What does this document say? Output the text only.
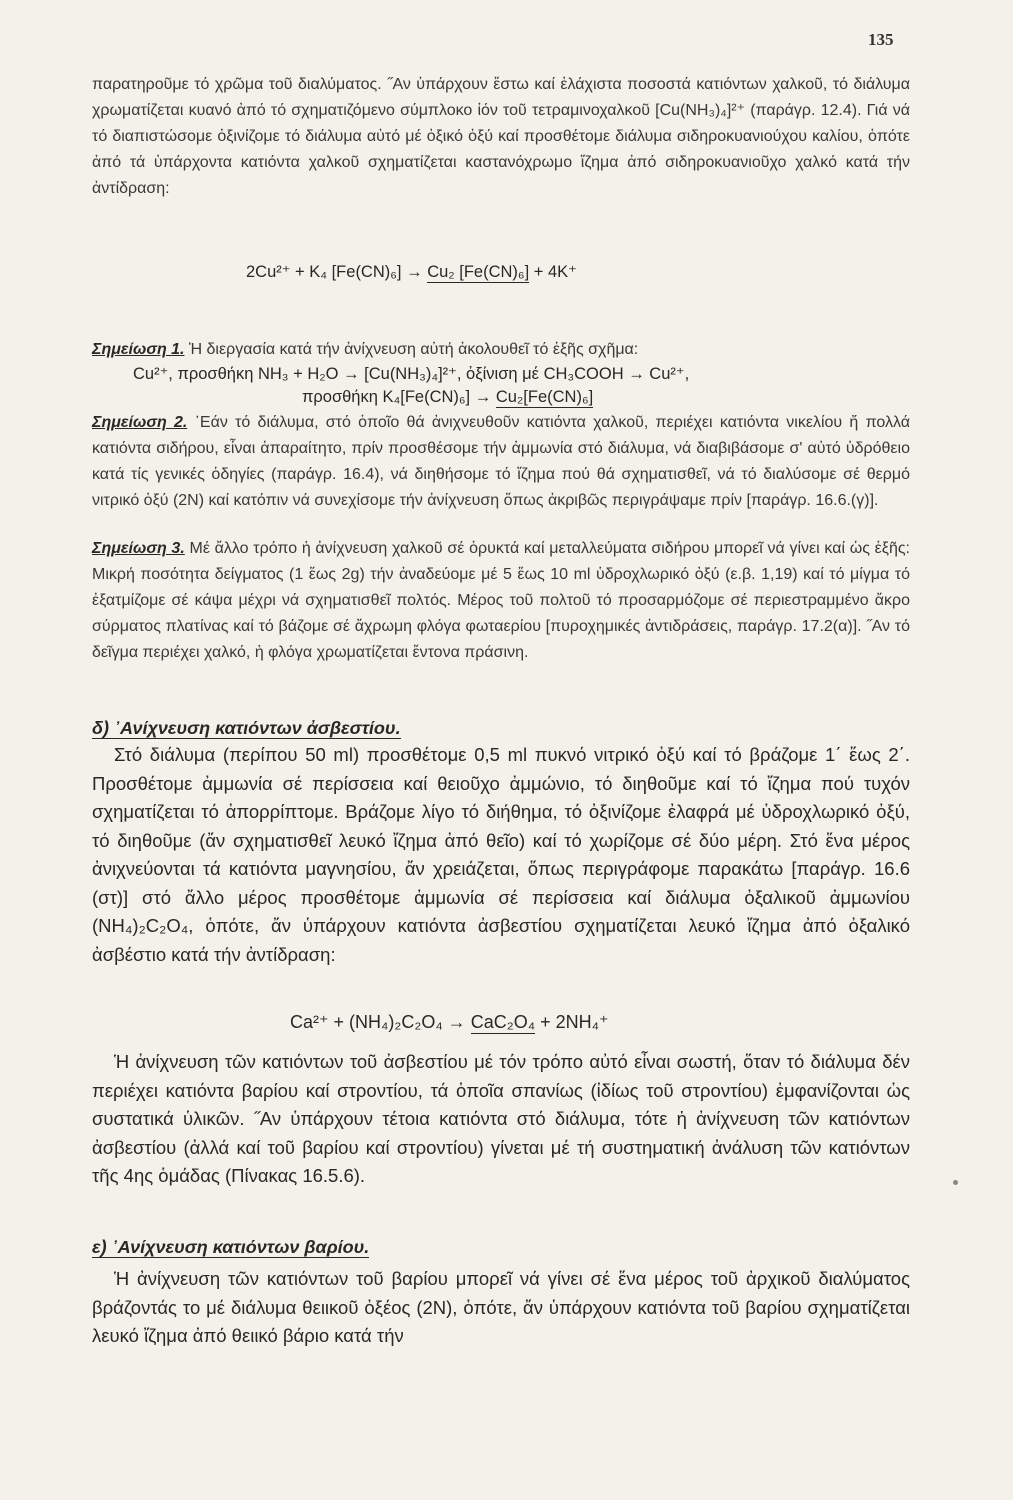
135
παρατηροῦμε τό χρῶμα τοῦ διαλύματος. ˝Αν ὑπάρχουν ἔστω καί ἐλάχιστα ποσοστά κατιόντων χαλκοῦ, τό διάλυμα χρωματίζεται κυανό ἀπό τό σχηματιζόμενο σύμπλοκο ἰόν τοῦ τετραμινοχαλκοῦ [Cu(NH₃)₄]²⁺ (παράγρ. 12.4). Γιά νά τό διαπιστώσομε ὀξινίζομε τό διάλυμα αὐτό μέ ὀξικό ὀξύ καί προσθέτομε διάλυμα σιδηροκυανιούχου καλίου, ὁπότε ἀπό τά ὑπάρχοντα κατιόντα χαλκοῦ σχηματίζεται καστανόχρωμο ἴζημα ἀπό σιδηροκυανιοῦχο χαλκό κατά τήν ἀντίδραση:
2Cu²⁺ + K₄ [Fe(CN)₆] → Cu₂ [Fe(CN)₆] + 4K⁺
Σημείωση 1. Ἡ διεργασία κατά τήν ἀνίχνευση αὐτή ἀκολουθεῖ τό ἑξῆς σχῆμα:
Cu²⁺, προσθήκη NH₃ + H₂O → [Cu(NH₃)₄]²⁺, ὀξίνιση μέ CH₃COOH → Cu²⁺,
προσθήκη K₄[Fe(CN)₆] → Cu₂[Fe(CN)₆]
Σημείωση 2. ᾿Εάν τό διάλυμα, στό ὁποῖο θά ἀνιχνευθοῦν κατιόντα χαλκοῦ, περιέχει κατιόντα νικελίου ἤ πολλά κατιόντα σιδήρου, εἶναι ἀπαραίτητο, πρίν προσθέσομε τήν ἀμμωνία στό διάλυμα, νά διαβιβάσομε σ' αὐτό ὑδρόθειο κατά τίς γενικές ὁδηγίες (παράγρ. 16.4), νά διηθήσομε τό ἴζημα πού θά σχηματισθεῖ, νά τό διαλύσομε σέ θερμό νιτρικό ὀξύ (2N) καί κατόπιν νά συνεχίσομε τήν ἀνίχνευση ὅπως ἀκριβῶς περιγράψαμε πρίν [παράγρ. 16.6.(γ)].
Σημείωση 3. Μέ ἄλλο τρόπο ἡ ἀνίχνευση χαλκοῦ σέ ὀρυκτά καί μεταλλεύματα σιδήρου μπορεῖ νά γίνει καί ὡς ἑξῆς: Μικρή ποσότητα δείγματος (1 ἕως 2g) τήν ἀναδεύομε μέ 5 ἕως 10 ml ὑδροχλωρικό ὀξύ (ε.β. 1,19) καί τό μίγμα τό ἐξατμίζομε σέ κάψα μέχρι νά σχηματισθεῖ πολτός. Μέρος τοῦ πολτοῦ τό προσαρμόζομε σέ περιεστραμμένο ἄκρο σύρματος πλατίνας καί τό βάζομε σέ ἄχρωμη φλόγα φωταερίου [πυροχημικές ἀντιδράσεις, παράγρ. 17.2(α)]. ˝Αν τό δεῖγμα περιέχει χαλκό, ἡ φλόγα χρωματίζεται ἔντονα πράσινη.
δ) ᾿Ανίχνευση κατιόντων ἀσβεστίου.
Στό διάλυμα (περίπου 50 ml) προσθέτομε 0,5 ml πυκνό νιτρικό ὀξύ καί τό βράζομε 1΄ ἕως 2΄. Προσθέτομε ἀμμωνία σέ περίσσεια καί θειοῦχο ἀμμώνιο, τό διηθοῦμε καί τό ἴζημα πού τυχόν σχηματίζεται τό ἀπορρίπτομε. Βράζομε λίγο τό διήθημα, τό ὀξινίζομε ἐλαφρά μέ ὑδροχλωρικό ὀξύ, τό διηθοῦμε (ἄν σχηματισθεῖ λευκό ἴζημα ἀπό θεῖο) καί τό χωρίζομε σέ δύο μέρη. Στό ἕνα μέρος ἀνιχνεύονται τά κατιόντα μαγνησίου, ἄν χρειάζεται, ὅπως περιγράφομε παρακάτω [παράγρ. 16.6 (στ)] στό ἄλλο μέρος προσθέτομε ἀμμωνία σέ περίσσεια καί διάλυμα ὀξαλικοῦ ἀμμωνίου (NH₄)₂C₂O₄, ὁπότε, ἄν ὑπάρχουν κατιόντα ἀσβεστίου σχηματίζεται λευκό ἴζημα ἀπό ὀξαλικό ἀσβέστιο κατά τήν ἀντίδραση:
Ca²⁺ + (NH₄)₂C₂O₄ → CaC₂O₄ + 2NH₄⁺
Ἡ ἀνίχνευση τῶν κατιόντων τοῦ ἀσβεστίου μέ τόν τρόπο αὐτό εἶναι σωστή, ὅταν τό διάλυμα δέν περιέχει κατιόντα βαρίου καί στροντίου, τά ὁποῖα σπανίως (ἰδίως τοῦ στροντίου) ἐμφανίζονται ὡς συστατικά ὑλικῶν. ˝Αν ὑπάρχουν τέτοια κατιόντα στό διάλυμα, τότε ἡ ἀνίχνευση τῶν κατιόντων ἀσβεστίου (ἀλλά καί τοῦ βαρίου καί στροντίου) γίνεται μέ τή συστηματική ἀνάλυση τῶν κατιόντων τῆς 4ης ὁμάδας (Πίνακας 16.5.6).
ε) ᾿Ανίχνευση κατιόντων βαρίου.
Ἡ ἀνίχνευση τῶν κατιόντων τοῦ βαρίου μπορεῖ νά γίνει σέ ἕνα μέρος τοῦ ἀρχικοῦ διαλύματος βράζοντάς το μέ διάλυμα θειικοῦ ὀξέος (2N), ὁπότε, ἄν ὑπάρχουν κατιόντα τοῦ βαρίου σχηματίζεται λευκό ἴζημα ἀπό θειικό βάριο κατά τήν
